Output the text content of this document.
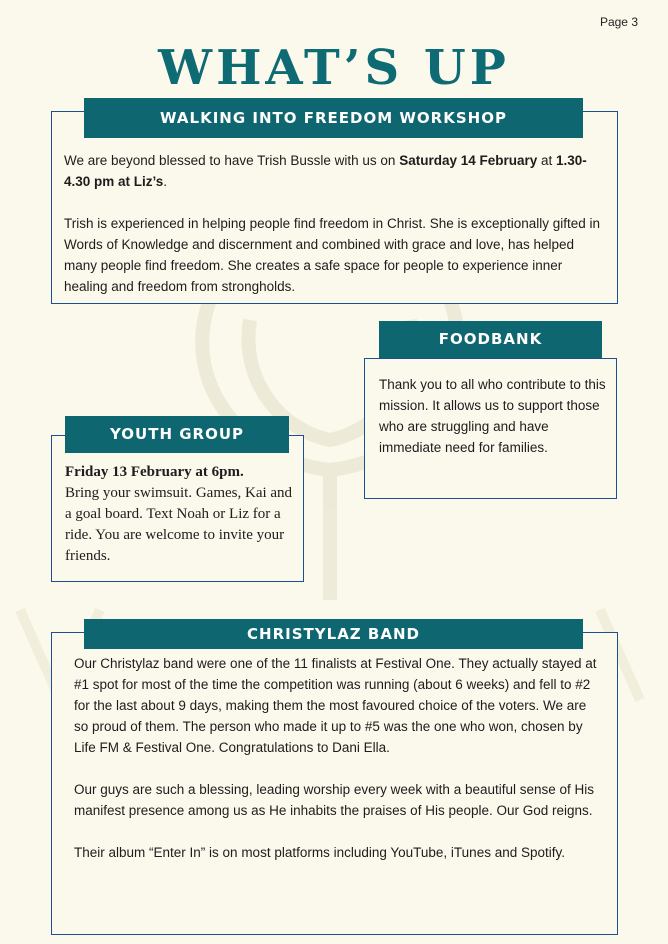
Page 3
WHAT’S UP
WALKING INTO FREEDOM WORKSHOP

We are beyond blessed to have Trish Bussle with us on Saturday 14 February at 1.30- 4.30 pm at Liz’s.

Trish is experienced in helping people find freedom in Christ. She is exceptionally gifted in Words of Knowledge and discernment and combined with grace and love, has helped many people find freedom. She creates a safe space for people to experience inner healing and freedom from strongholds.

FOODBANK

Thank you to all who contribute to this mission. It allows us to support those who are struggling and have immediate need for families.

YOUTH GROUP

Friday 13 February at 6pm.

Bring your swimsuit. Games, Kai and a goal board. Text Noah or Liz for a ride. You are welcome to invite your friends.

CHRISTYLAZ BAND

Our Christylaz band were one of the 11 finalists at Festival One. They actually stayed at #1 spot for most of the time the competition was running (about 6 weeks) and fell to #2 for the last about 9 days, making them the most favoured choice of the voters. We are so proud of them. The person who made it up to #5 was the one who won, chosen by Life FM & Festival One. Congratulations to Dani Ella.

Our guys are such a blessing, leading worship every week with a beautiful sense of His manifest presence among us as He inhabits the praises of His people. Our God reigns.

Their album “Enter In” is on most platforms including YouTube, iTunes and Spotify.
